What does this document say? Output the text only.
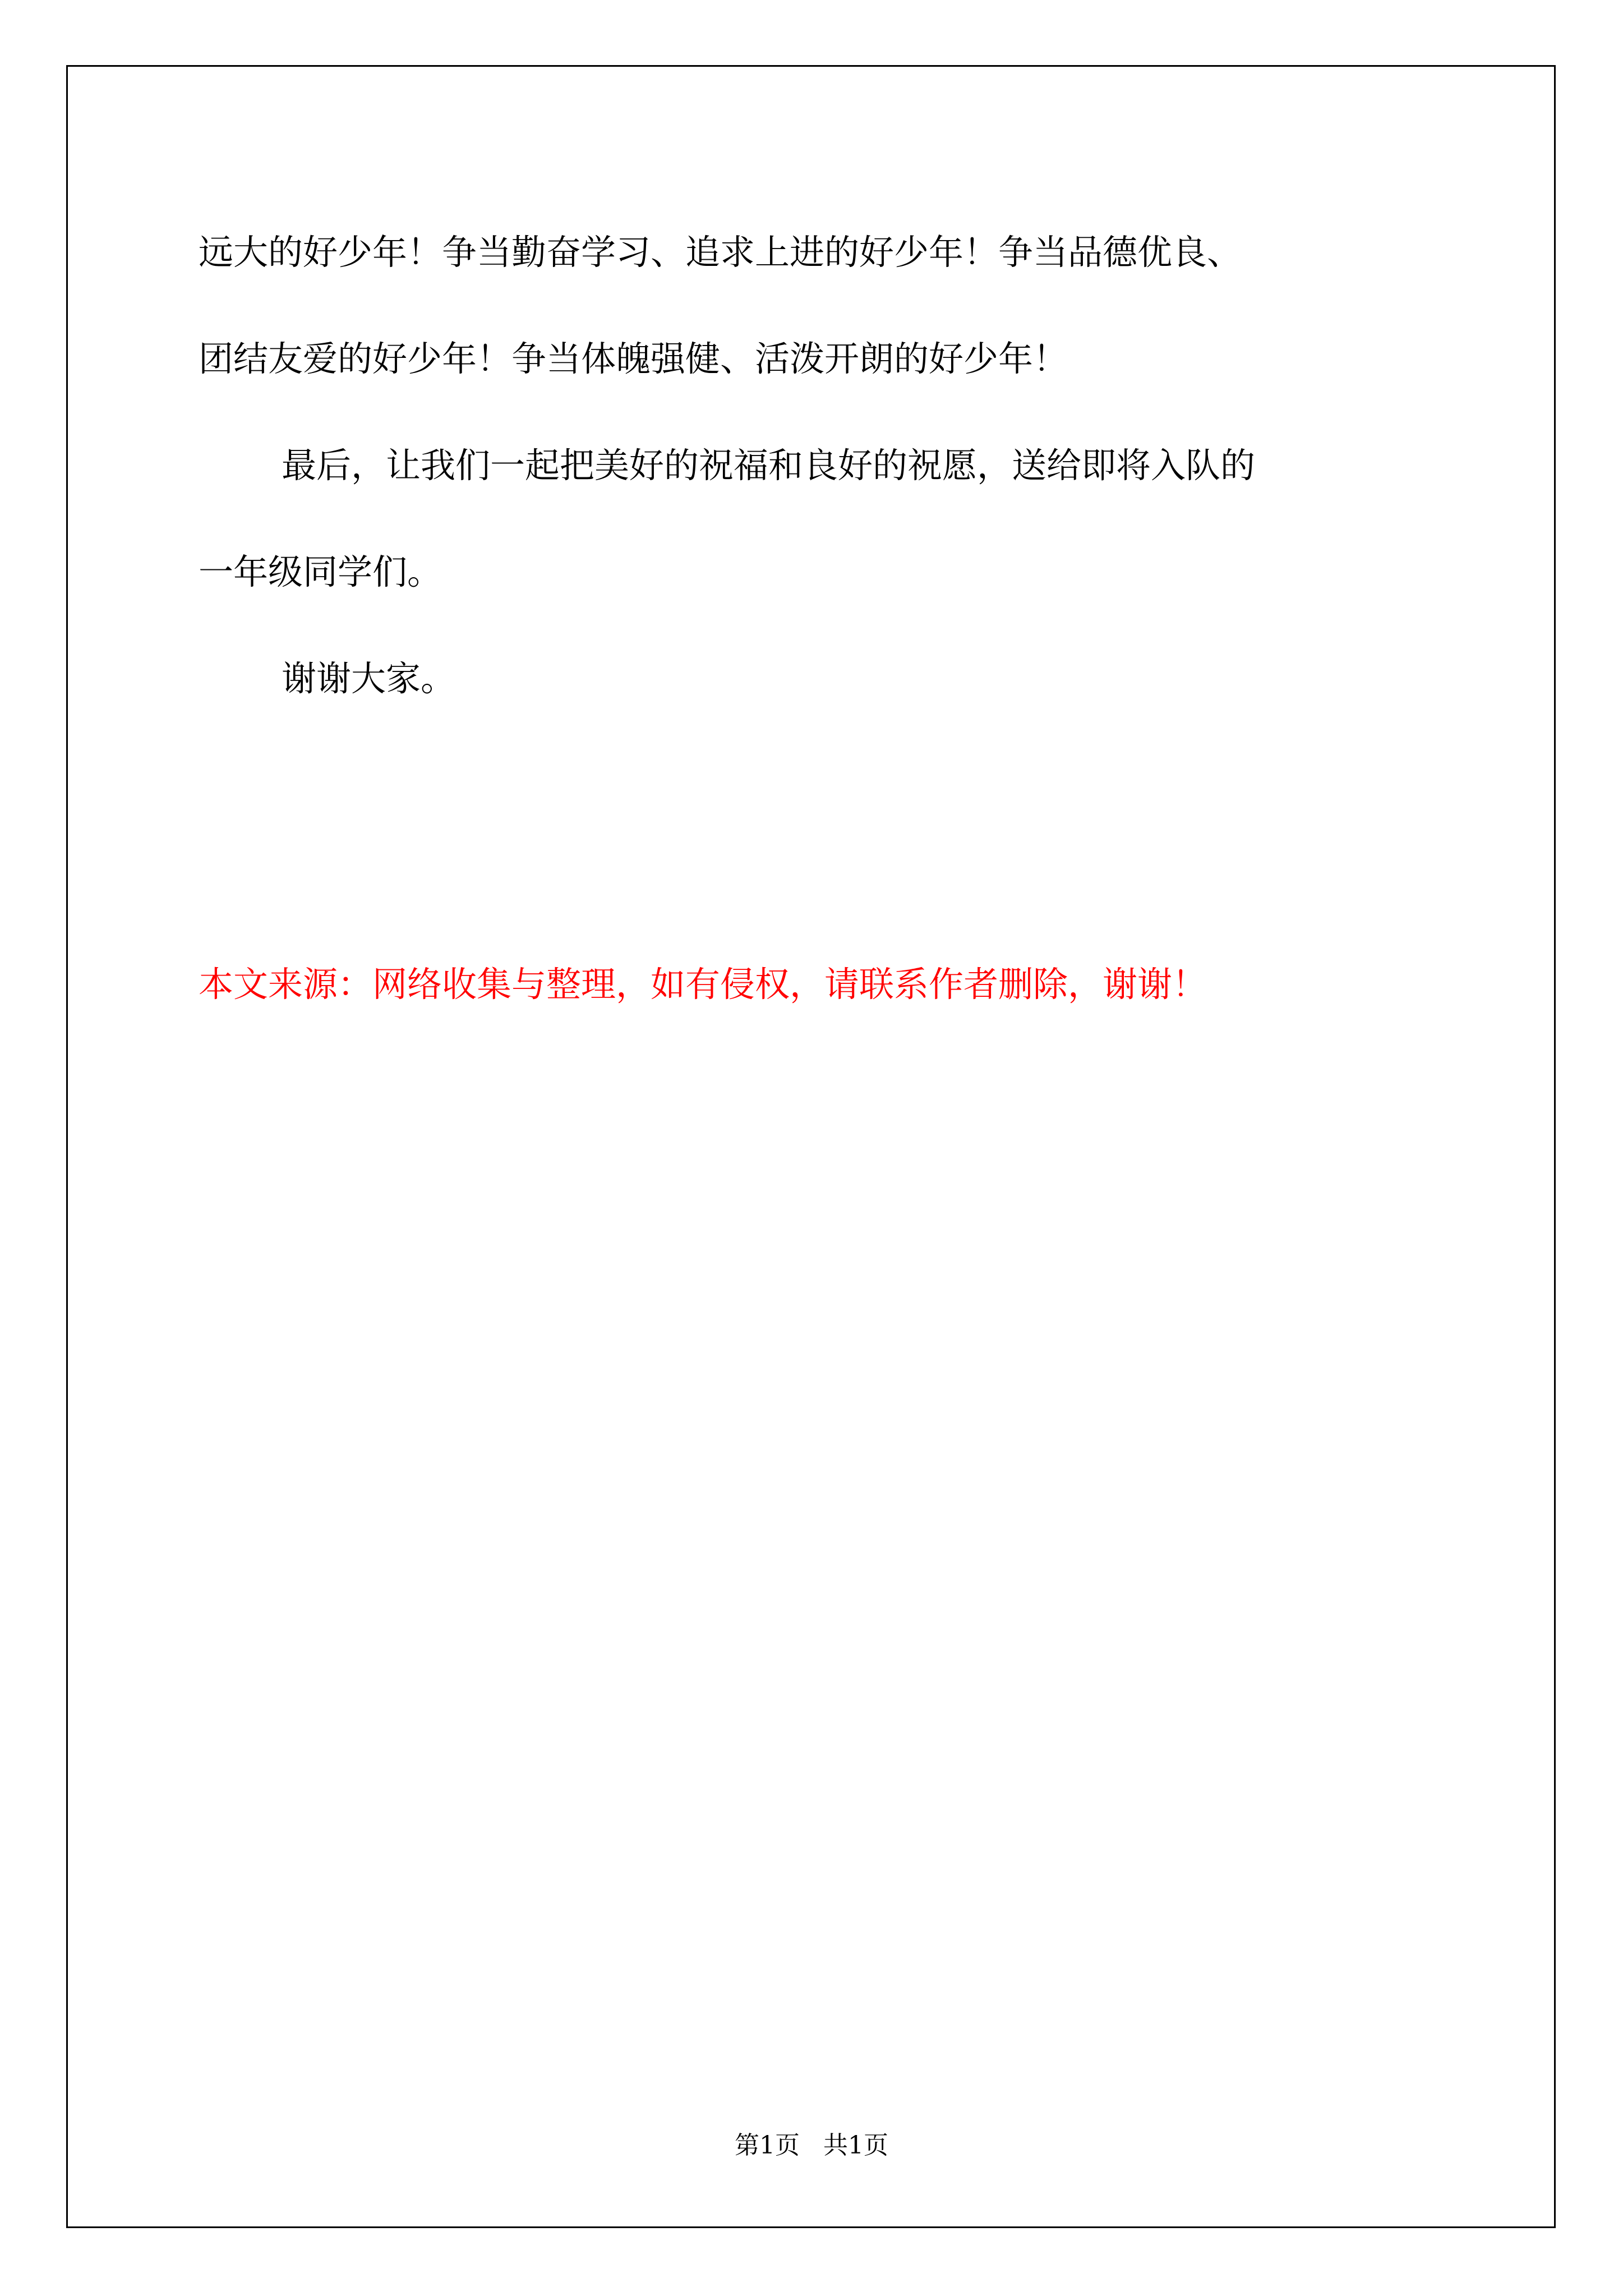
远大的好少年！争当勤奋学习、追求上进的好少年！争当品德优良、
团结友爱的好少年！争当体魄强健、活泼开朗的好少年！
最后，让我们一起把美好的祝福和良好的祝愿，送给即将入队的
一年级同学们。
谢谢大家。

本文来源：网络收集与整理，如有侵权，请联系作者删除，谢谢！

第1页   共1页
